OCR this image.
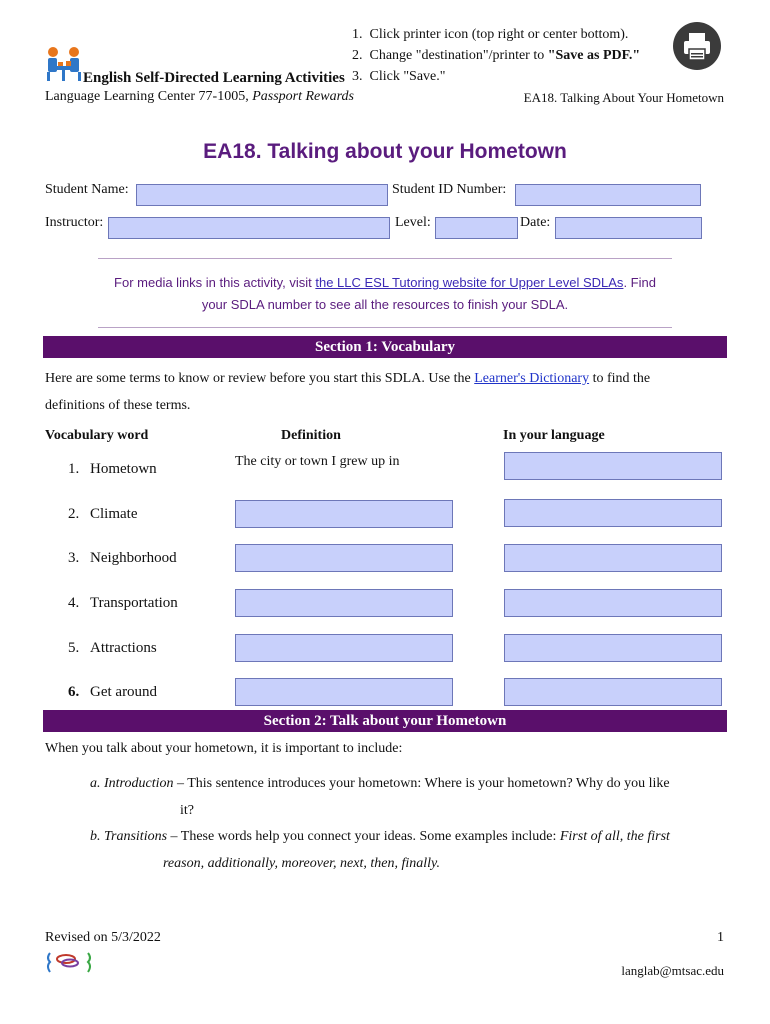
1. Click printer icon (top right or center bottom).
2. Change "destination"/printer to "Save as PDF."
3. Click "Save."
English Self-Directed Learning Activities
Language Learning Center 77-1005, Passport Rewards	EA18. Talking About Your Hometown
EA18. Talking about your Hometown
Student Name:	Student ID Number:
Instructor:	Level:	Date:
For media links in this activity, visit the LLC ESL Tutoring website for Upper Level SDLAs. Find
your SDLA number to see all the resources to finish your SDLA.
Section 1: Vocabulary
Here are some terms to know or review before you start this SDLA. Use the Learner's Dictionary to find the
definitions of these terms.
Vocabulary word	Definition	In your language
1. Hometown	The city or town I grew up in
2. Climate
3. Neighborhood
4. Transportation
5. Attractions
6. Get around
Section 2: Talk about your Hometown
When you talk about your hometown, it is important to include:
a. Introduction – This sentence introduces your hometown: Where is your hometown? Why do you like
it?
b. Transitions – These words help you connect your ideas. Some examples include: First of all, the first
reason, additionally, moreover, next, then, finally.
Revised on 5/3/2022	1
langlab@mtsac.edu
